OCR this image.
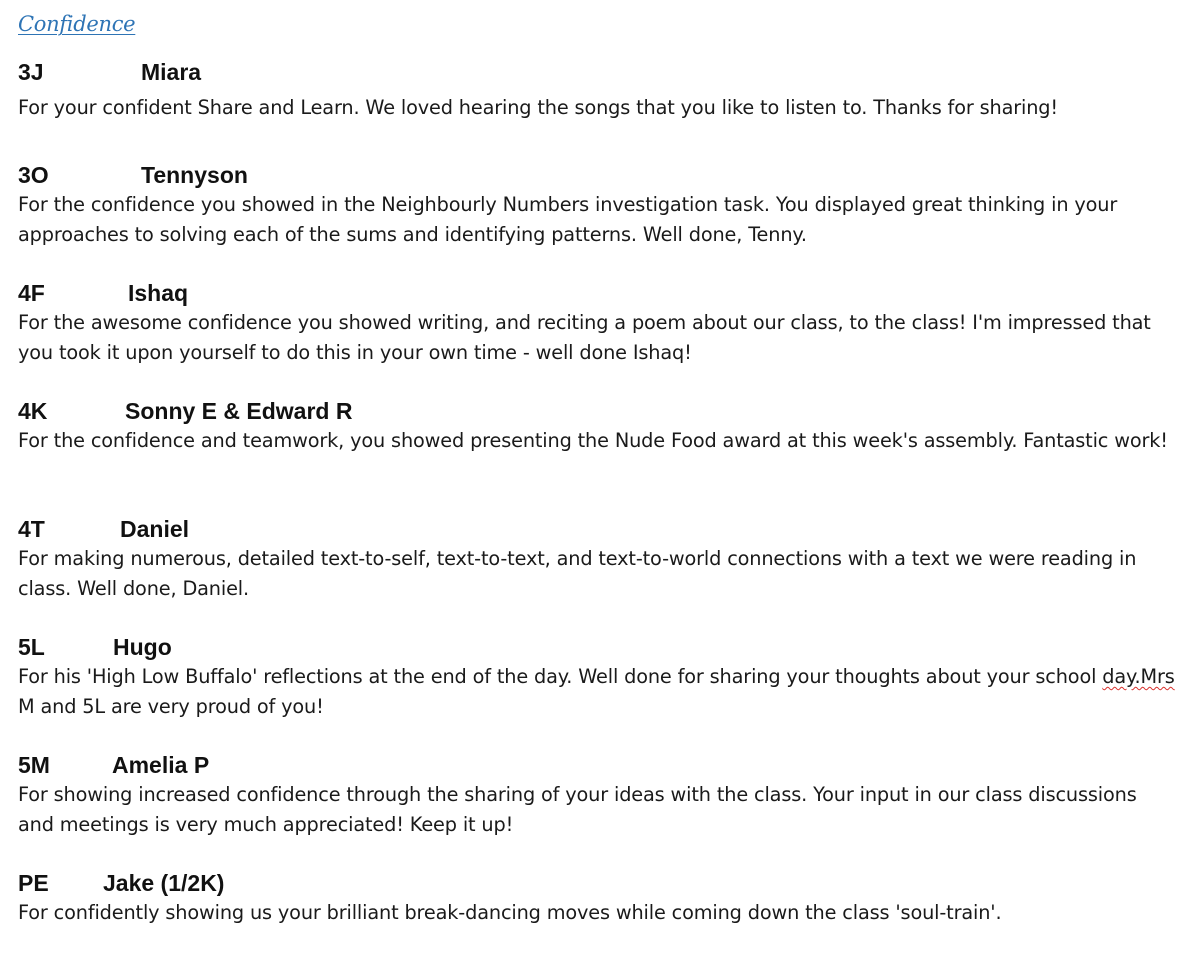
Confidence
3J	Miara

For your confident Share and Learn. We loved hearing the songs that you like to listen to. Thanks for sharing!

3O	Tennyson

For the confidence you showed in the Neighbourly Numbers investigation task. You displayed great thinking in your approaches to solving each of the sums and identifying patterns. Well done, Tenny.

4F	Ishaq

For the awesome confidence you showed writing, and reciting a poem about our class, to the class! I'm impressed that you took it upon yourself to do this in your own time - well done Ishaq!

4K	Sonny E & Edward R

For the confidence and teamwork, you showed presenting the Nude Food award at this week's assembly. Fantastic work!

4T	Daniel

For making numerous, detailed text-to-self, text-to-text, and text-to-world connections with a text we were reading in class. Well done, Daniel.

5L	Hugo

For his 'High Low Buffalo' reflections at the end of the day. Well done for sharing your thoughts about your school day.Mrs M and 5L are very proud of you!

5M	Amelia P

For showing increased confidence through the sharing of your ideas with the class. Your input in our class discussions and meetings is very much appreciated! Keep it up!

PE	Jake (1/2K)

For confidently showing us your brilliant break-dancing moves while coming down the class 'soul-train'.
